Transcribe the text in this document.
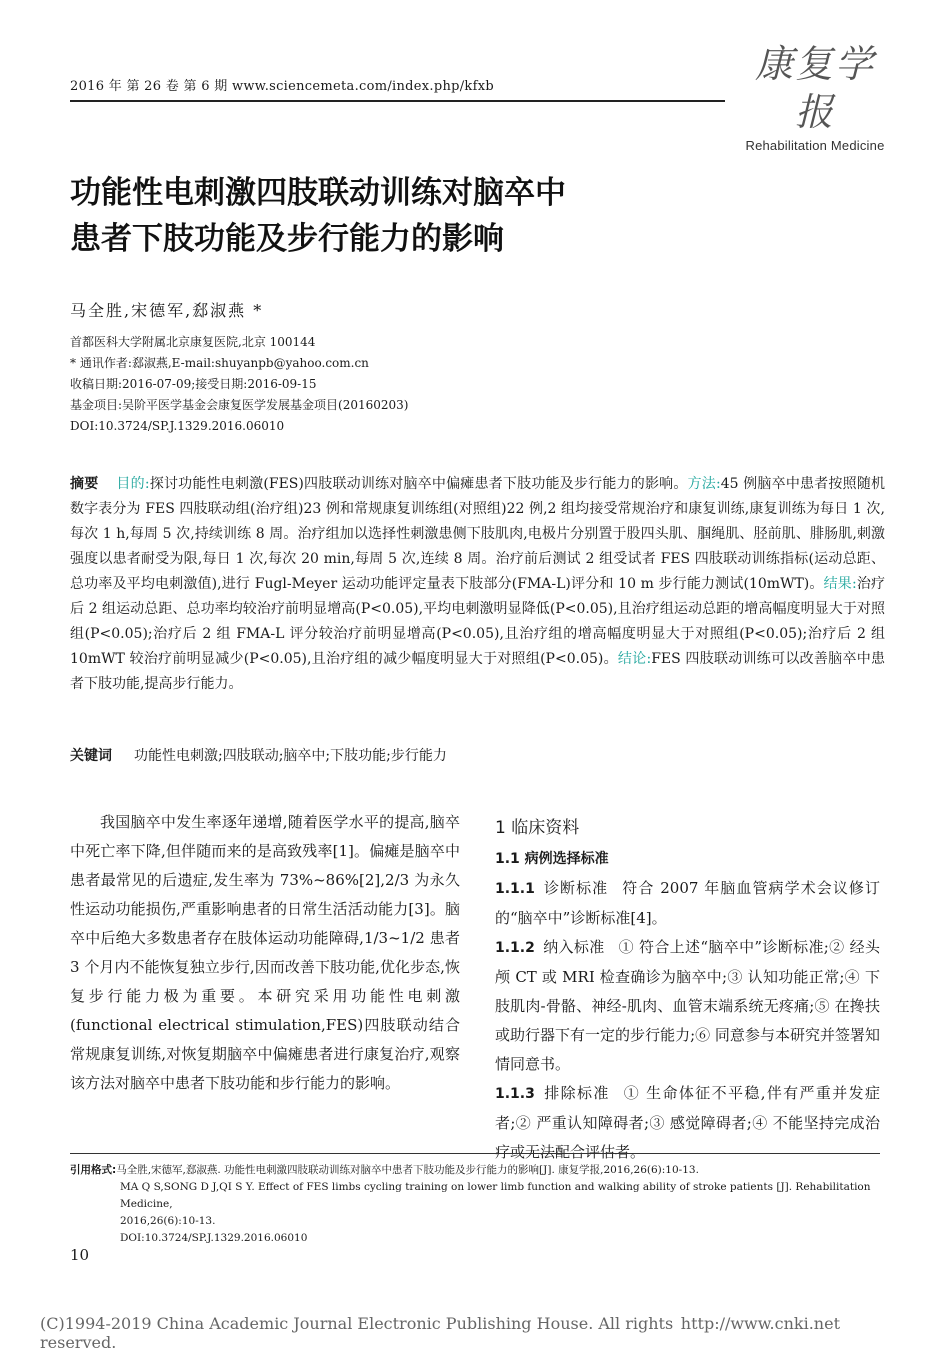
2016 年 第 26 卷 第 6 期 www.sciencemeta.com/index.php/kfxb
康复学报
Rehabilitation Medicine
功能性电刺激四肢联动训练对脑卒中
患者下肢功能及步行能力的影响
马全胜,宋德军,郄淑燕 *
首都医科大学附属北京康复医院,北京 100144
* 通讯作者:郄淑燕,E-mail:shuyanpb@yahoo.com.cn
收稿日期:2016-07-09;接受日期:2016-09-15
基金项目:吴阶平医学基金会康复医学发展基金项目(20160203)
DOI:10.3724/SP.J.1329.2016.06010
摘要 目的:探讨功能性电刺激(FES)四肢联动训练对脑卒中偏瘫患者下肢功能及步行能力的影响。方法:45 例脑卒中患者按照随机数字表分为 FES 四肢联动组(治疗组)23 例和常规康复训练组(对照组)22 例,2 组均接受常规治疗和康复训练,康复训练为每日 1 次,每次 1 h,每周 5 次,持续训练 8 周。治疗组加以选择性刺激患侧下肢肌肉,电极片分别置于股四头肌、腘绳肌、胫前肌、腓肠肌,刺激强度以患者耐受为限,每日 1 次,每次 20 min,每周 5 次,连续 8 周。治疗前后测试 2 组受试者 FES 四肢联动训练指标(运动总距、总功率及平均电刺激值),进行 Fugl-Meyer 运动功能评定量表下肢部分(FMA-L)评分和 10 m 步行能力测试(10mWT)。结果:治疗后 2 组运动总距、总功率均较治疗前明显增高(P<0.05),平均电刺激明显降低(P<0.05),且治疗组运动总距的增高幅度明显大于对照组(P<0.05);治疗后 2 组 FMA-L 评分较治疗前明显增高(P<0.05),且治疗组的增高幅度明显大于对照组(P<0.05);治疗后 2 组 10mWT 较治疗前明显减少(P<0.05),且治疗组的减少幅度明显大于对照组(P<0.05)。结论:FES 四肢联动训练可以改善脑卒中患者下肢功能,提高步行能力。
关键词 功能性电刺激;四肢联动;脑卒中;下肢功能;步行能力
我国脑卒中发生率逐年递增,随着医学水平的提高,脑卒中死亡率下降,但伴随而来的是高致残率[1]。偏瘫是脑卒中患者最常见的后遗症,发生率为 73%~86%[2],2/3 为永久性运动功能损伤,严重影响患者的日常生活活动能力[3]。脑卒中后绝大多数患者存在肢体运动功能障碍,1/3~1/2 患者 3 个月内不能恢复独立步行,因而改善下肢功能,优化步态,恢复步行能力极为重要。本研究采用功能性电刺激(functional electrical stimulation,FES)四肢联动结合常规康复训练,对恢复期脑卒中偏瘫患者进行康复治疗,观察该方法对脑卒中患者下肢功能和步行能力的影响。
1 临床资料
1.1 病例选择标准
1.1.1 诊断标准 符合 2007 年脑血管病学术会议修订的“脑卒中”诊断标准[4]。
1.1.2 纳入标准 ① 符合上述“脑卒中”诊断标准;② 经头颅 CT 或 MRI 检查确诊为脑卒中;③ 认知功能正常;④ 下肢肌肉-骨骼、神经-肌肉、血管末端系统无疼痛;⑤ 在搀扶或助行器下有一定的步行能力;⑥ 同意参与本研究并签署知情同意书。
1.1.3 排除标准 ① 生命体征不平稳,伴有严重并发症者;② 严重认知障碍者;③ 感觉障碍者;④ 不能坚持完成治疗或无法配合评估者。
引用格式:马全胜,宋德军,郄淑燕. 功能性电刺激四肢联动训练对脑卒中患者下肢功能及步行能力的影响[J]. 康复学报,2016,26(6):10-13.
MA Q S,SONG D J,QI S Y. Effect of FES limbs cycling training on lower limb function and walking ability of stroke patients [J]. Rehabilitation Medicine,
2016,26(6):10-13.
DOI:10.3724/SP.J.1329.2016.06010
10
(C)1994-2019 China Academic Journal Electronic Publishing House. All rights reserved.
http://www.cnki.net
